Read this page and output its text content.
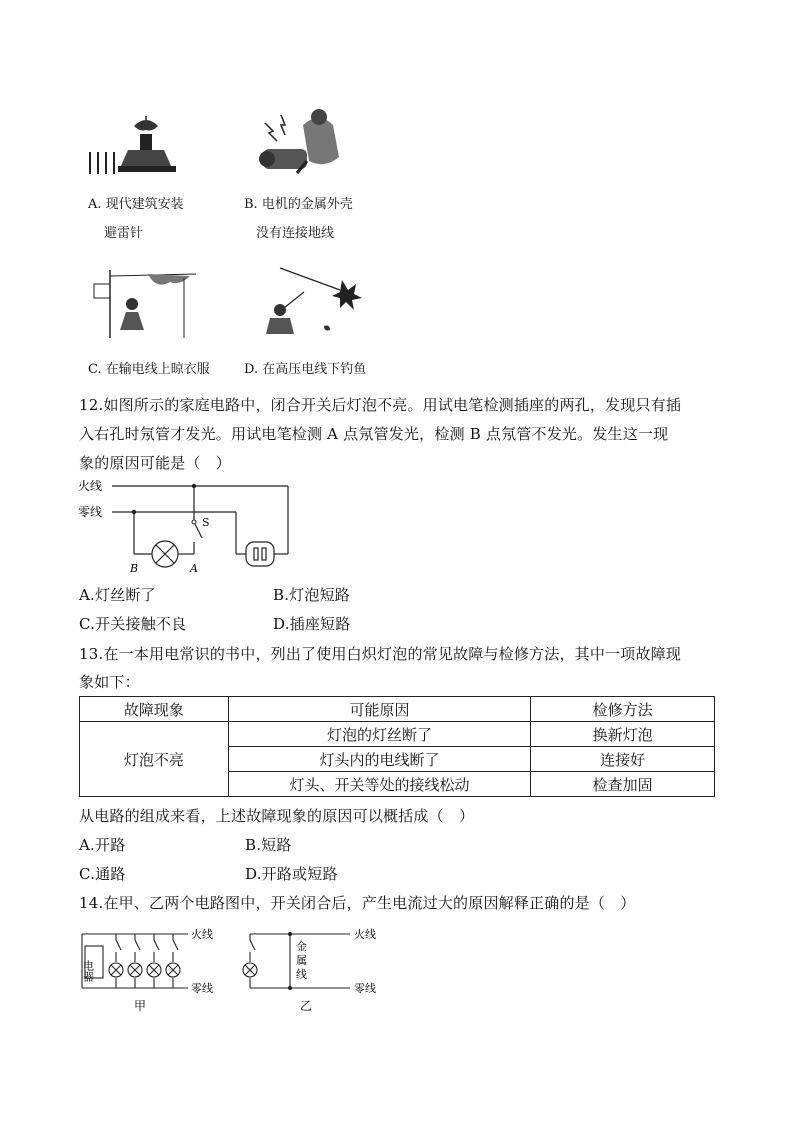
A. 现代建筑安装
避雷针
B. 电机的金属外壳
没有连接地线
C. 在输电线上晾衣服	D. 在高压电线下钓鱼
12.如图所示的家庭电路中，闭合开关后灯泡不亮。用试电笔检测插座的两孔，发现只有插
入右孔时氖管才发光。用试电笔检测 A 点氖管发光，检测 B 点氖管不发光。发生这一现
象的原因可能是（　）
火线
零线
S
B	A
A.灯丝断了	B.灯泡短路
C.开关接触不良	D.插座短路
13.在一本用电常识的书中，列出了使用白炽灯泡的常见故障与检修方法，其中一项故障现
象如下：
故障现象	可能原因	检修方法
灯泡不亮	灯泡的灯丝断了	换新灯泡
	灯头内的电线断了	连接好
	灯头、开关等处的接线松动	检查加固
从电路的组成来看，上述故障现象的原因可以概括成（　）
A.开路	B.短路
C.通路	D.开路或短路
14.在甲、乙两个电路图中，开关闭合后，产生电流过大的原因解释正确的是（　）
电器
火线
零线
甲
金
属
线
火线
零线
乙
